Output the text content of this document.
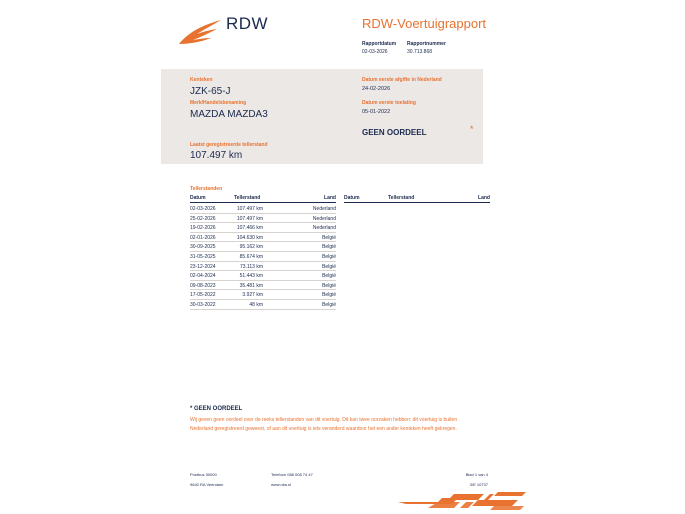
RDW	RDW-Voertuigrapport
Rapportdatum
02-03-2026
Rapportnummer
30.713.868
Kenteken
JZK-65-J
Merk/Handelsbenaming
MAZDA MAZDA3
Laatst geregistreerde tellerstand
107.497 km
Datum eerste afgifte in Nederland
24-02-2026
Datum eerste toelating
05-01-2022
GEEN OORDEEL	*
Tellerstanden
Datum	Tellerstand	Land Datum	Tellerstand	Land
02-03-2026	107.497 km	Nederland
25-02-2026	107.497 km	Nederland
19-02-2026	107.466 km	Nederland
02-01-2026	104.630 km	België
30-09-2025	95.162 km	België
31-05-2025	85.674 km	België
23-12-2024	73.113 km	België
02-04-2024	51.443 km	België
09-08-2023	35.481 km	België
17-05-2022	3.927 km	België
30-03-2022	48 km	België
* GEEN OORDEEL
Wij geven geen oordeel over de reeks tellerstanden van dit voertuig. Dit kan twee oorzaken hebben: dit voertuig is buiten Nederland geregistreerd geweest, of aan dit voertuig is iets veranderd waardoor het een ander kenteken heeft gekregen.
Postbus 30000
9640 RA Veendam
Telefoon 088 008 74 47
www.rdw.nl
Blad 1 van 4
3/E 10737
